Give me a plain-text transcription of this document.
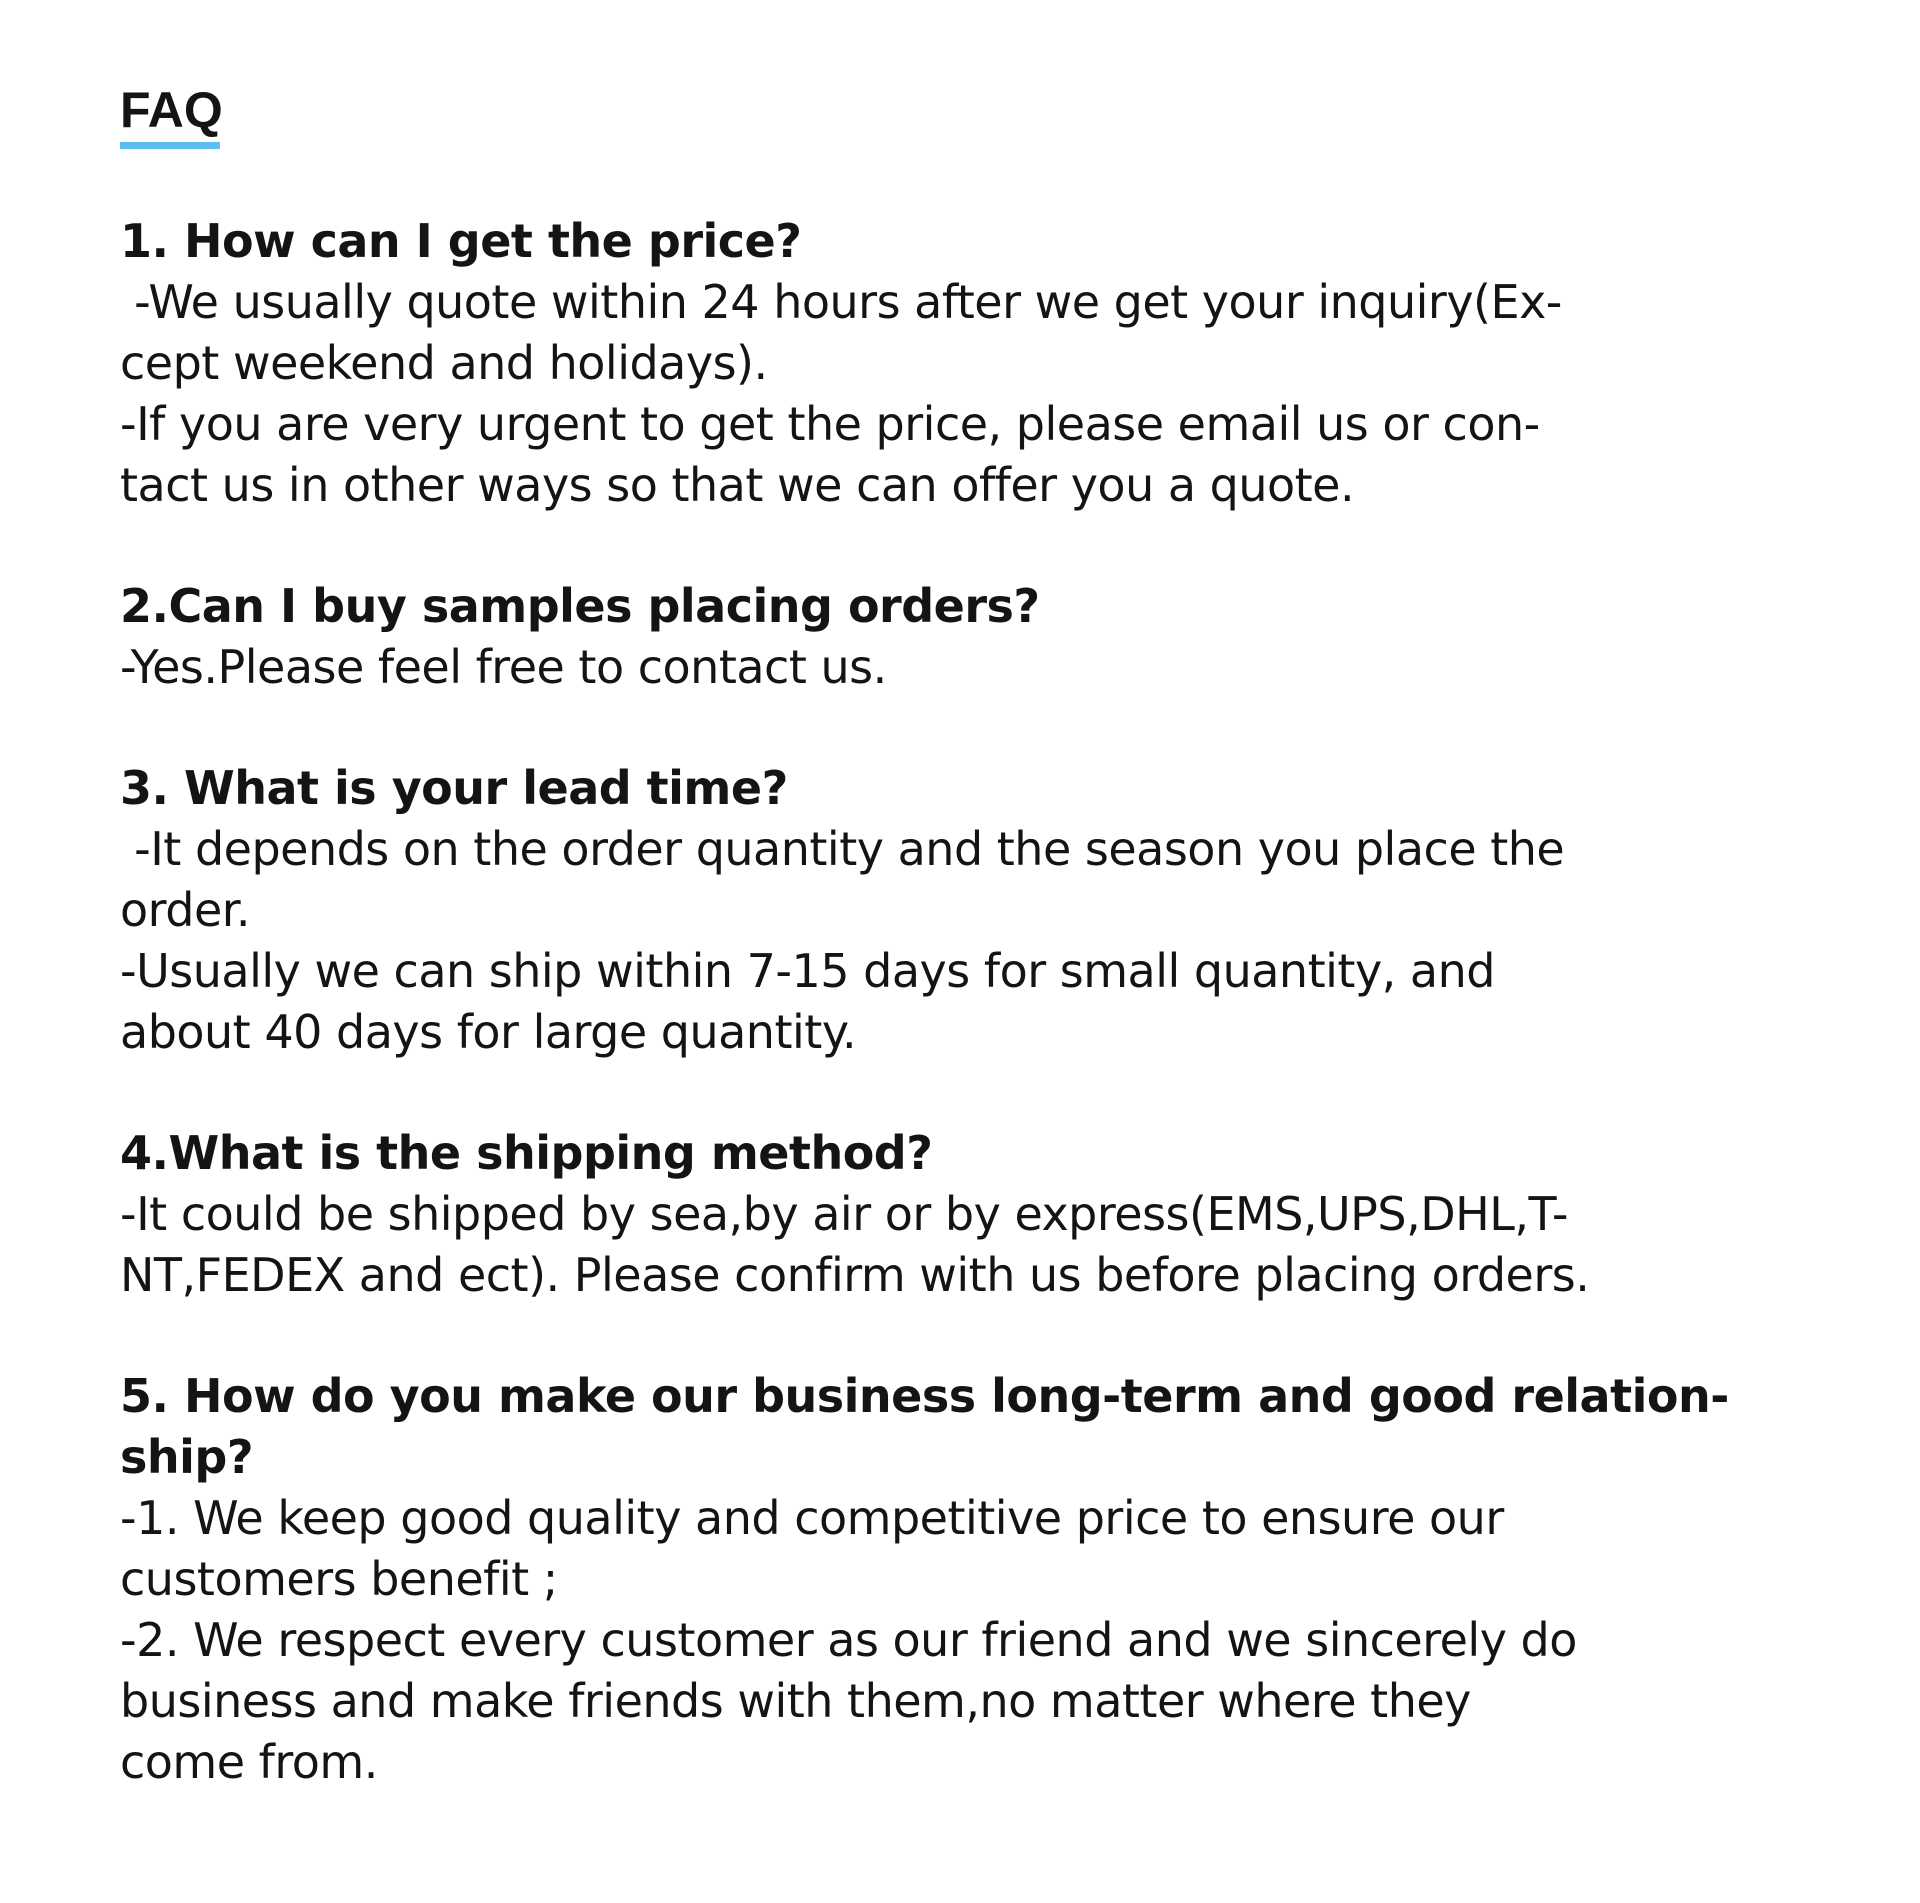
FAQ

1. How can I get the price?

-We usually quote within 24 hours after we get your inquiry(Ex-

cept weekend and holidays).

-If you are very urgent to get the price, please email us or con-

tact us in other ways so that we can offer you a quote.

2.Can I buy samples placing orders?

-Yes.Please feel free to contact us.

3. What is your lead time?

-It depends on the order quantity and the season you place the

order.

-Usually we can ship within 7-15 days for small quantity, and

about 40 days for large quantity.

4.What is the shipping method?

-It could be shipped by sea,by air or by express(EMS,UPS,DHL,T-

NT,FEDEX and ect). Please confirm with us before placing orders.

5. How do you make our business long-term and good relation-

ship?

-1. We keep good quality and competitive price to ensure our

customers benefit ;

-2. We respect every customer as our friend and we sincerely do

business and make friends with them,no matter where they

come from.
